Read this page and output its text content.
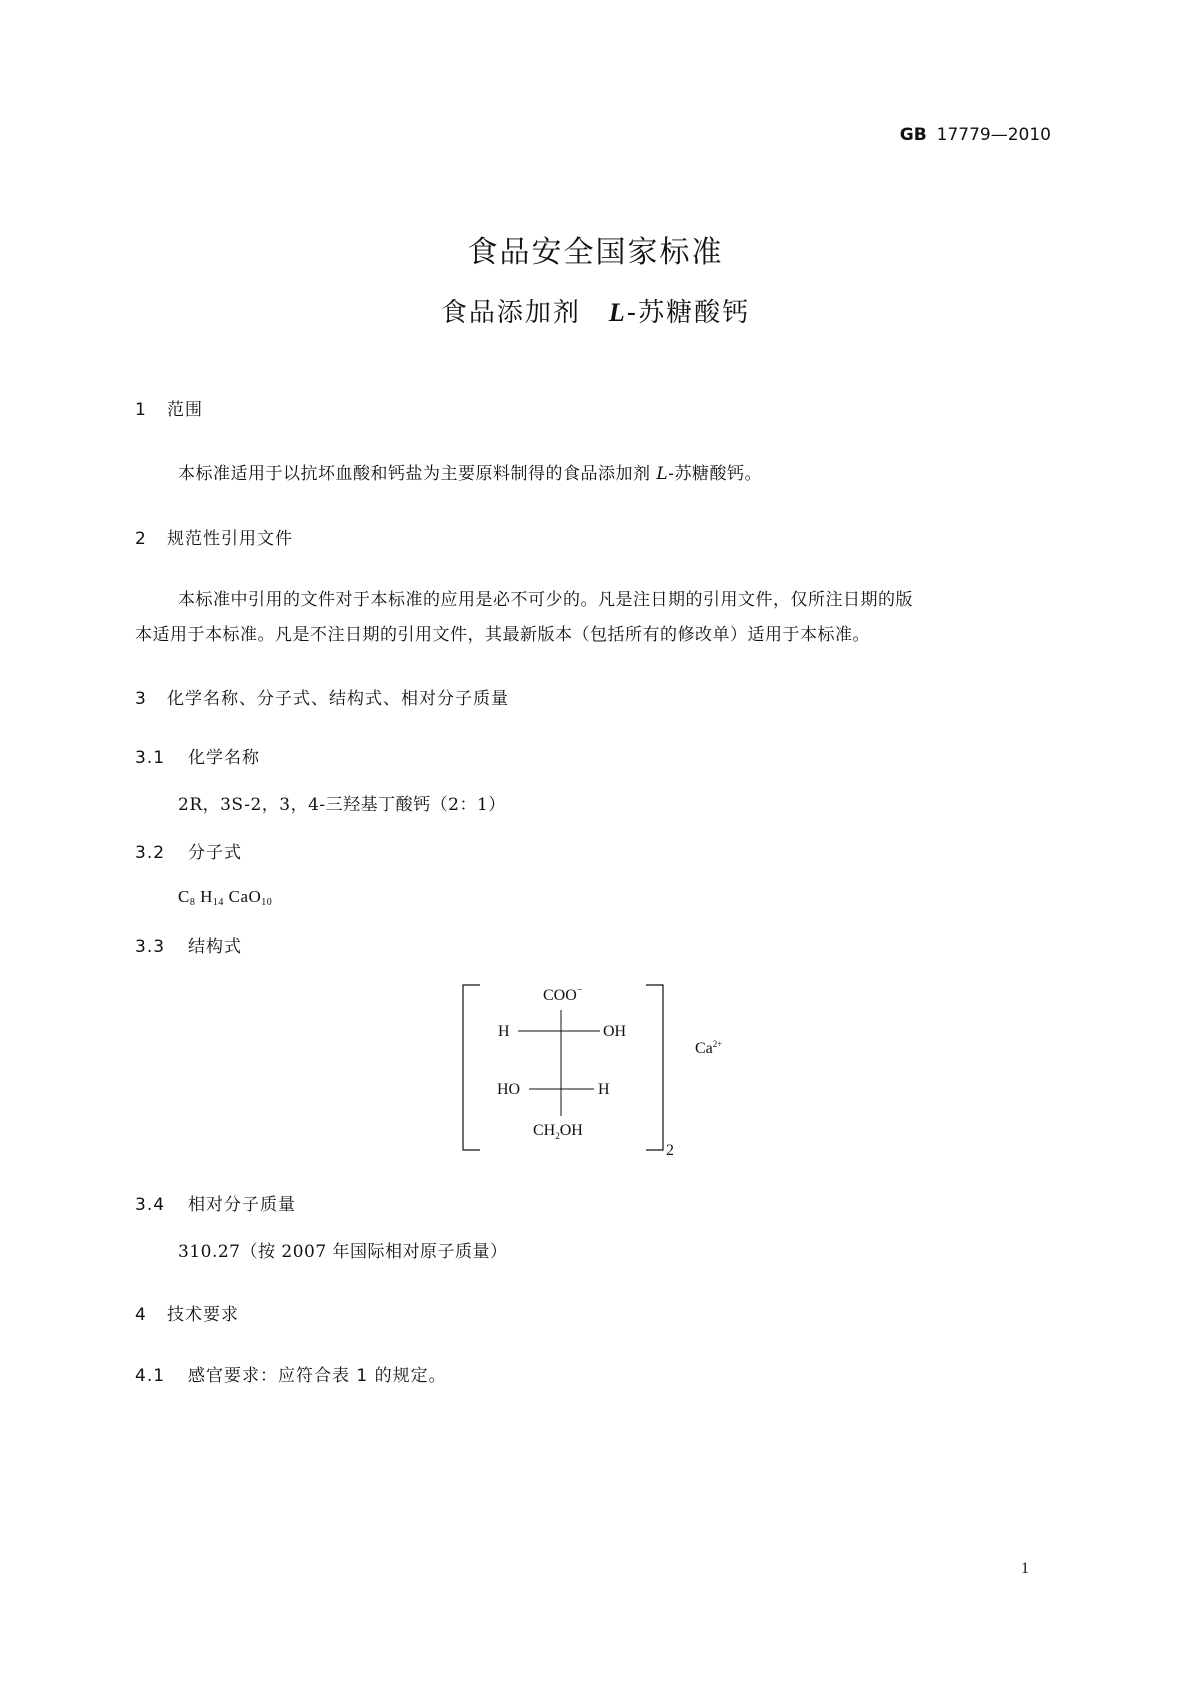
GB 17779—2010
食品安全国家标准
食品添加剂 L-苏糖酸钙
1 范围
本标准适用于以抗坏血酸和钙盐为主要原料制得的食品添加剂 L-苏糖酸钙。
2 规范性引用文件
本标准中引用的文件对于本标准的应用是必不可少的。凡是注日期的引用文件，仅所注日期的版
本适用于本标准。凡是不注日期的引用文件，其最新版本（包括所有的修改单）适用于本标准。
3 化学名称、分子式、结构式、相对分子质量
3.1 化学名称
2R，3S-2，3，4-三羟基丁酸钙（2：1）
3.2 分子式
$C_8$ $H_{14}$ CaO$_{10}$
3.3 结构式
COO−
H	OH
HO	H
$CH_2OH$
2
$Ca^{2+}$
3.4 相对分子质量
310.27（按 2007 年国际相对原子质量）
4 技术要求
4.1 感官要求：应符合表 1 的规定。
1
